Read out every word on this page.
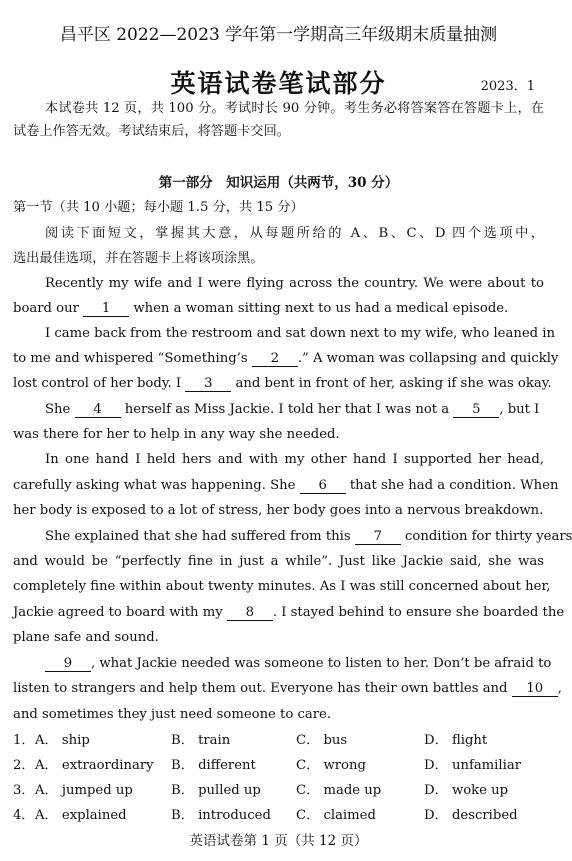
昌平区 2022—2023 学年第一学期高三年级期末质量抽测
英语试卷笔试部分	2023．1
本试卷共 12 页，共 100 分。考试时长 90 分钟。考生务必将答案答在答题卡上，在
试卷上作答无效。考试结束后，将答题卡交回。
第一部分　知识运用（共两节，30 分）
第一节（共 10 小题；每小题 1.5 分，共 15 分）
阅读下面短文，掌握其大意，从每题所给的 A、B、C、D 四个选项中，
选出最佳选项，并在答题卡上将该项涂黑。
Recently my wife and I were flying across the country. We were about to
board our 1 when a woman sitting next to us had a medical episode.
I came back from the restroom and sat down next to my wife, who leaned in
to me and whispered “Something’s 2 .” A woman was collapsing and quickly
lost control of her body. I 3 and bent in front of her, asking if she was okay.
She 4 herself as Miss Jackie. I told her that I was not a 5 , but I
was there for her to help in any way she needed.
In one hand I held hers and with my other hand I supported her head,
carefully asking what was happening. She 6 that she had a condition. When
her body is exposed to a lot of stress, her body goes into a nervous breakdown.
She explained that she had suffered from this 7 condition for thirty years
and would be “perfectly fine in just a while”. Just like Jackie said, she was
completely fine within about twenty minutes. As I was still concerned about her,
Jackie agreed to board with my 8 . I stayed behind to ensure she boarded the
plane safe and sound.
9 , what Jackie needed was someone to listen to her. Don’t be afraid to
listen to strangers and help them out. Everyone has their own battles and 10 ,
and sometimes they just need someone to care.
1． A． ship	B． train	C． bus	D． flight
2． A． extraordinary B． different	C． wrong	D． unfamiliar
3． A． jumped up	B． pulled up	C． made up	D． woke up
4． A． explained	B． introduced C． claimed	D． described
英语试卷第 1 页（共 12 页）
